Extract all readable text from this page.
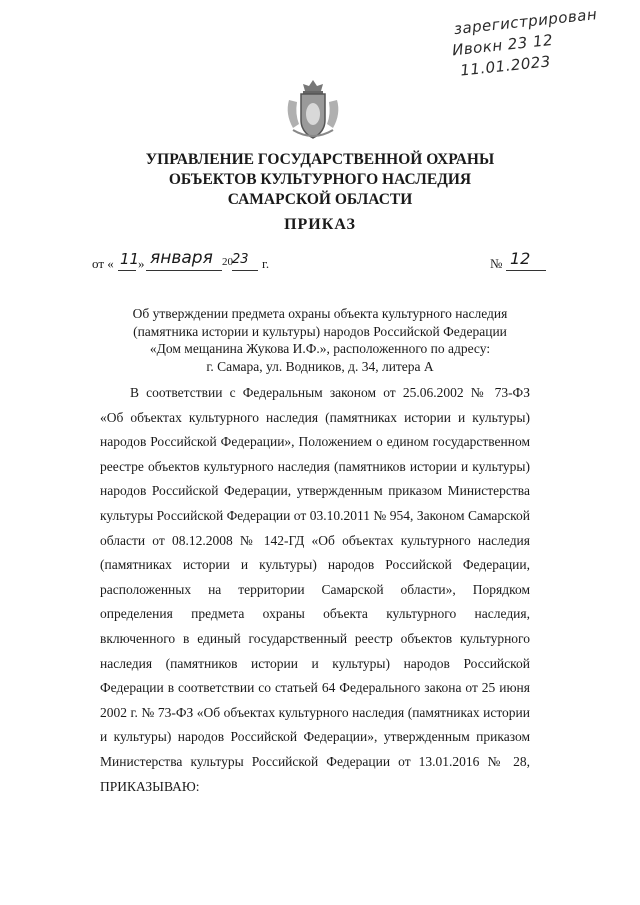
зарегистрирован
Ивокн 23 12
11.01.2023
УПРАВЛЕНИЕ ГОСУДАРСТВЕННОЙ ОХРАНЫ
ОБЪЕКТОВ КУЛЬТУРНОГО НАСЛЕДИЯ
САМАРСКОЙ ОБЛАСТИ
ПРИКАЗ
от « 11
» января 20 23 г.	№ 12
Об утверждении предмета охраны объекта культурного наследия
(памятника истории и культуры) народов Российской Федерации
«Дом мещанина Жукова И.Ф.», расположенного по адресу:
г. Самара, ул. Водников, д. 34, литера А
В соответствии с Федеральным законом от 25.06.2002 № 73-ФЗ
«Об объектах культурного наследия (памятниках истории и культуры)
народов Российской Федерации», Положением о едином государственном
реестре объектов культурного наследия (памятников истории и культуры)
народов Российской Федерации, утвержденным приказом Министерства
культуры Российской Федерации от 03.10.2011 № 954, Законом Самарской
области от 08.12.2008 № 142-ГД «Об объектах культурного наследия
(памятниках истории и культуры) народов Российской Федерации,
расположенных на территории Самарской области», Порядком
определения предмета охраны объекта культурного наследия,
включенного в единый государственный реестр объектов культурного
наследия (памятников истории и культуры) народов Российской
Федерации в соответствии со статьей 64 Федерального закона от 25 июня
2002 г. № 73-ФЗ «Об объектах культурного наследия (памятниках истории
и культуры) народов Российской Федерации», утвержденным приказом
Министерства культуры Российской Федерации от 13.01.2016 № 28,
ПРИКАЗЫВАЮ:
